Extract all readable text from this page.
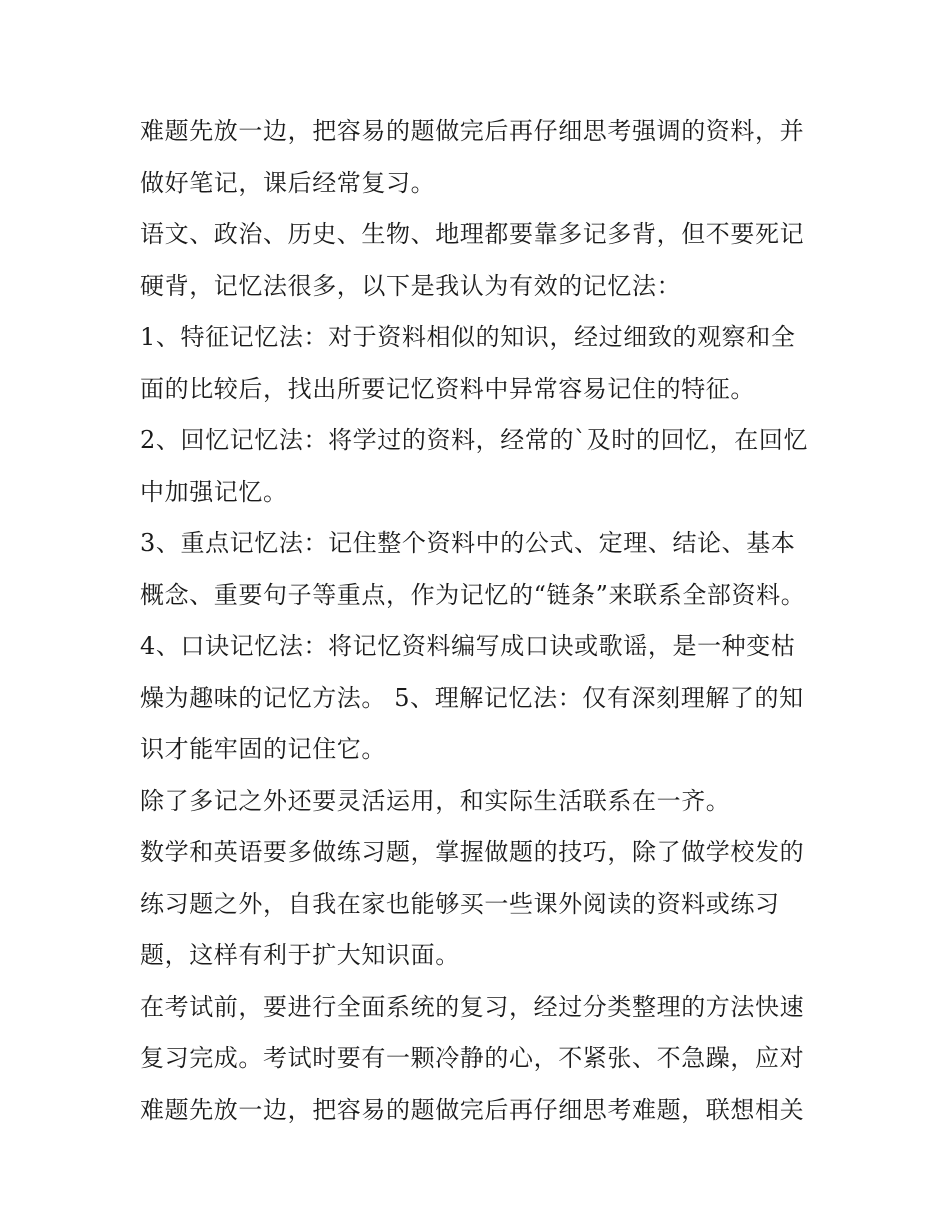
难题先放一边，把容易的题做完后再仔细思考强调的资料，并
做好笔记，课后经常复习。
语文、政治、历史、生物、地理都要靠多记多背，但不要死记
硬背，记忆法很多，以下是我认为有效的记忆法：
1、特征记忆法：对于资料相似的知识，经过细致的观察和全
面的比较后，找出所要记忆资料中异常容易记住的特征。
2、回忆记忆法：将学过的资料，经常的`及时的回忆，在回忆
中加强记忆。
3、重点记忆法：记住整个资料中的公式、定理、结论、基本
概念、重要句子等重点，作为记忆的“链条”来联系全部资料。
4、口诀记忆法：将记忆资料编写成口诀或歌谣，是一种变枯
燥为趣味的记忆方法。 5、理解记忆法：仅有深刻理解了的知
识才能牢固的记住它。
除了多记之外还要灵活运用，和实际生活联系在一齐。
数学和英语要多做练习题，掌握做题的技巧，除了做学校发的
练习题之外，自我在家也能够买一些课外阅读的资料或练习
题，这样有利于扩大知识面。
在考试前，要进行全面系统的复习，经过分类整理的方法快速
复习完成。考试时要有一颗冷静的心，不紧张、不急躁，应对
难题先放一边，把容易的题做完后再仔细思考难题，联想相关
